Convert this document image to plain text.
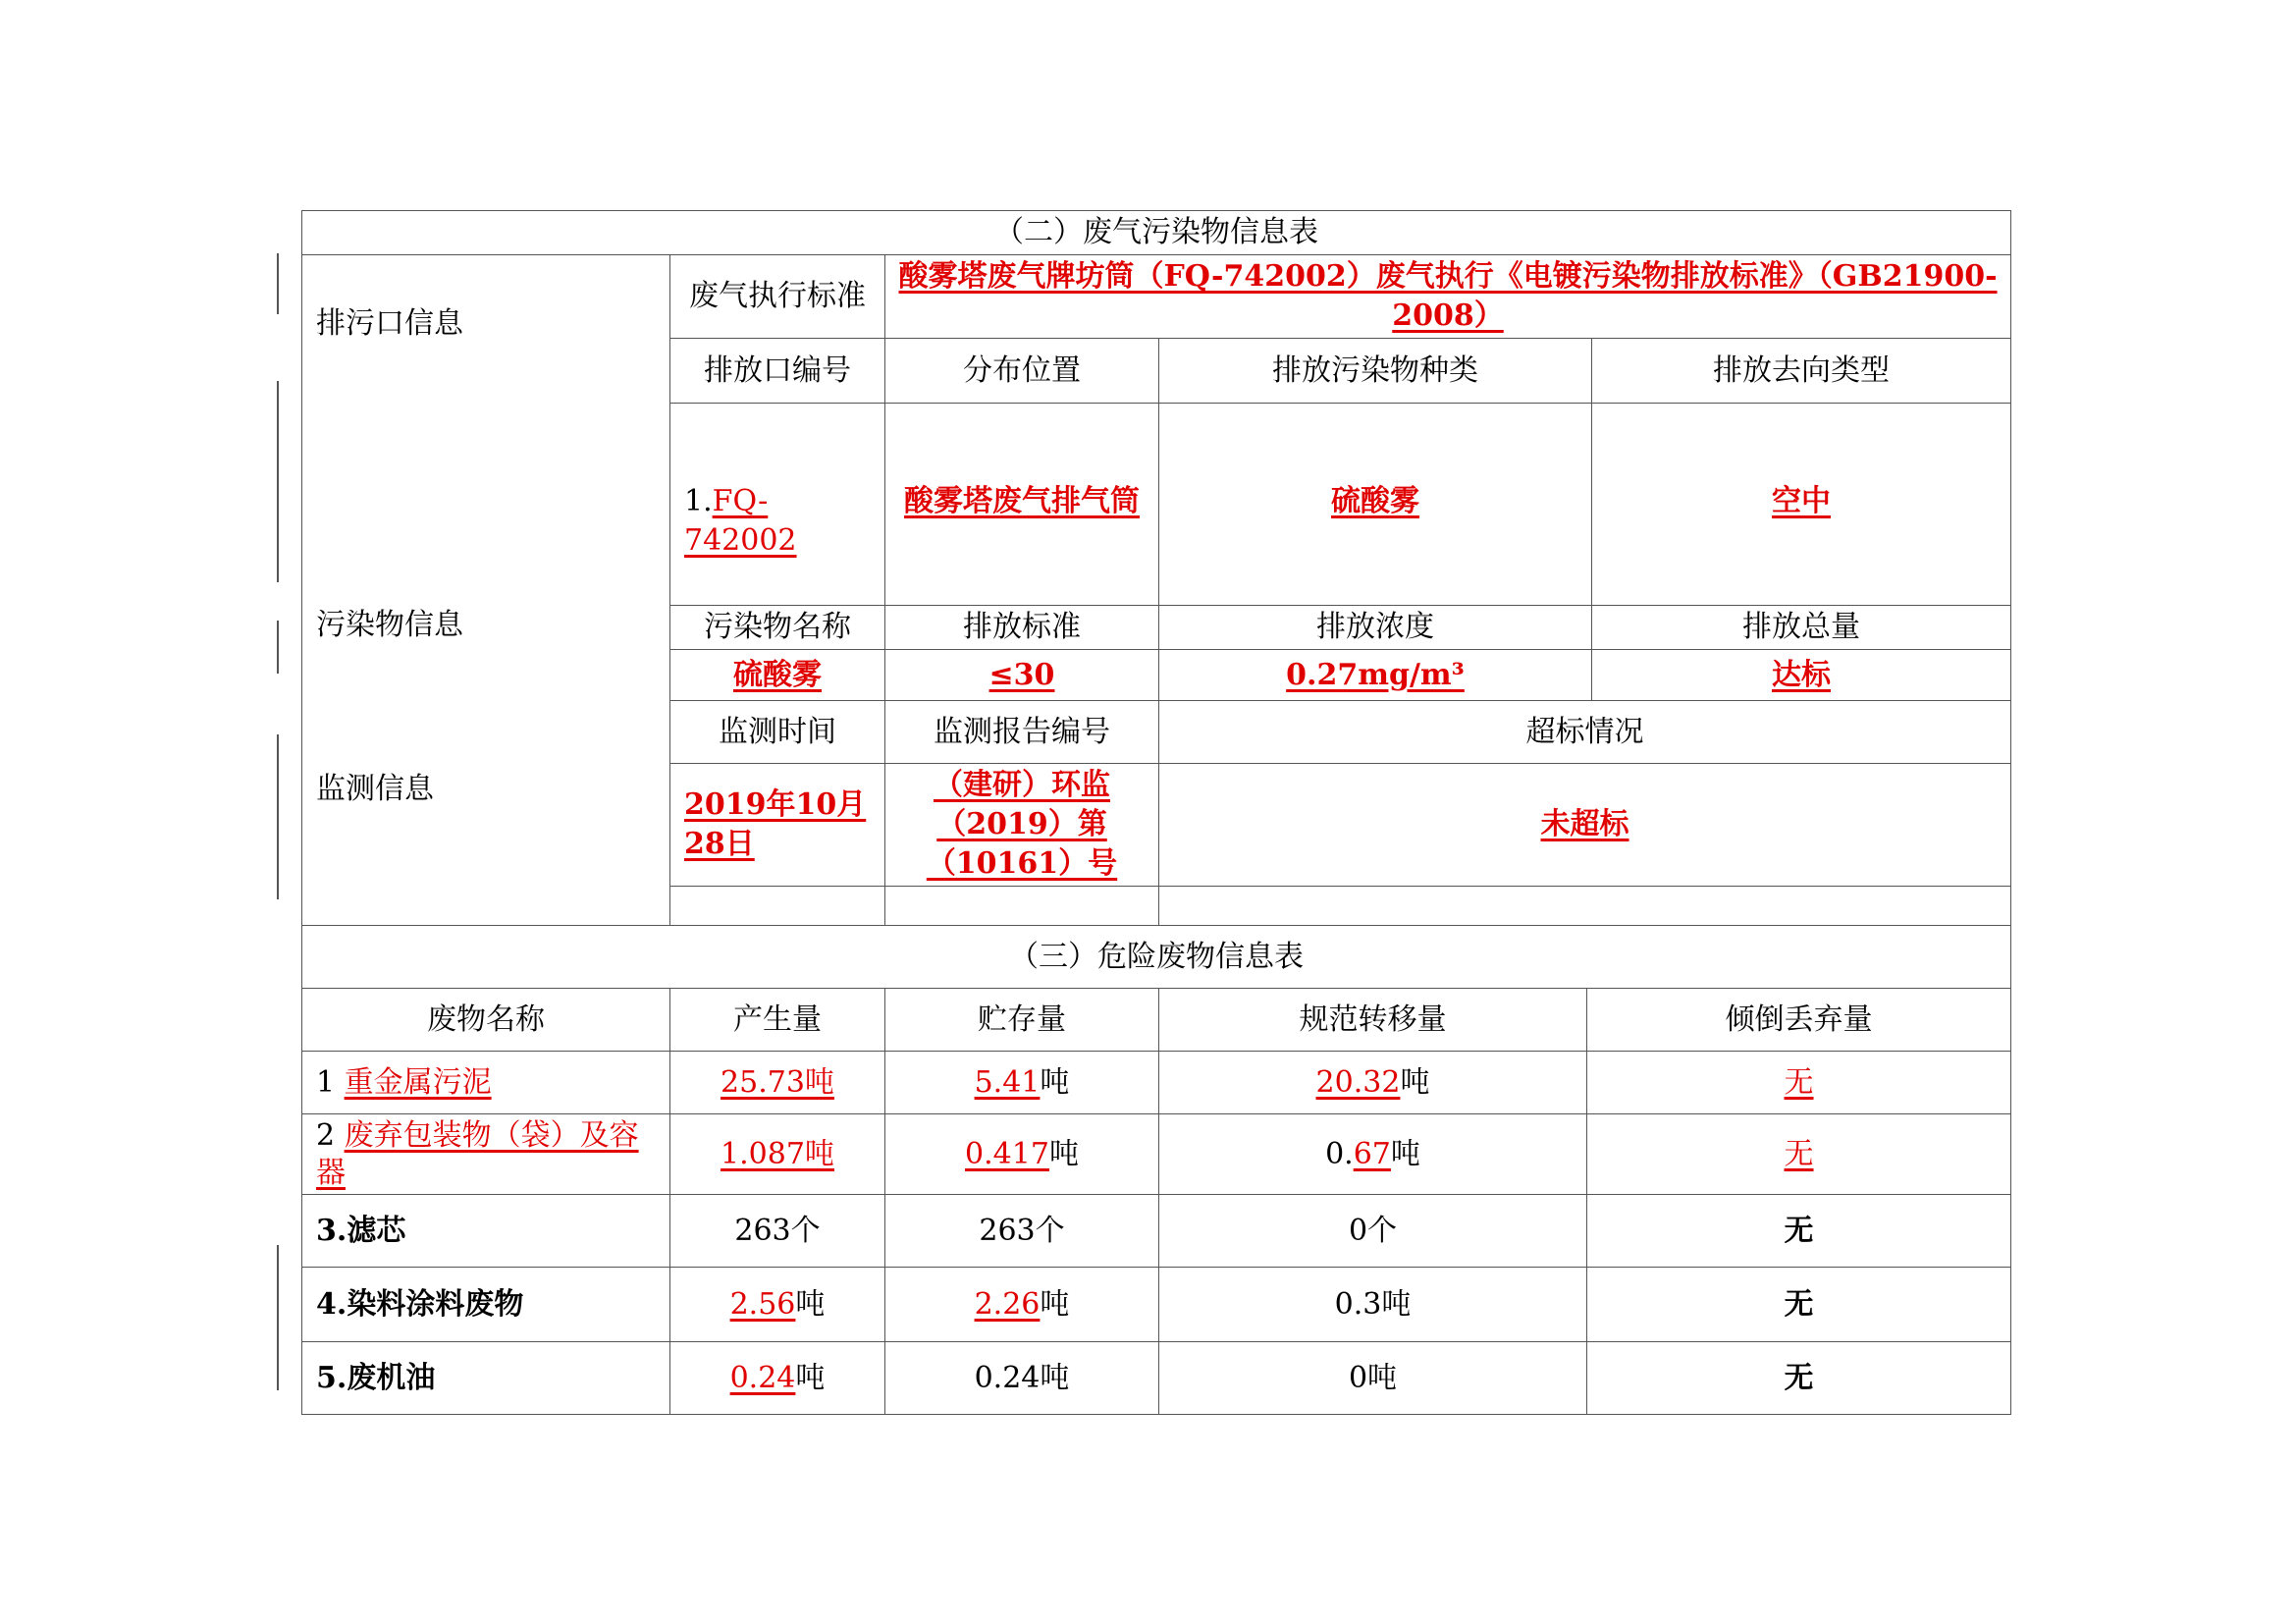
（二）废气污染物信息表				
排污口信息	废气执行标准	酸雾塔废气牌坊筒（FQ-742002）废气执行《电镀污染物排放标准》（GB21900-2008）		
	排放口编号	分布位置	排放污染物种类	排放去向类型
	1.FQ-742002	酸雾塔废气排气筒	硫酸雾	空中
污染物信息	污染物名称	排放标准	排放浓度	排放总量
	硫酸雾	≤30	0.27mg/m³	达标
监测信息	监测时间	监测报告编号	超标情况	
	2019年10月28日	（建研）环监
（2019）第
（10161）号	未超标	

（三）危险废物信息表				
废物名称	产生量	贮存量	规范转移量	倾倒丢弃量
1 重金属污泥	25.73吨	5.41吨	20.32吨	无
2 废弃包装物（袋）及容器	1.087吨	0.417吨	0.67吨	无
3.滤芯	263个	263个	0个	无
4.染料涂料废物	2.56吨	2.26吨	0.3吨	无
5.废机油	0.24吨	0.24吨	0吨	无
